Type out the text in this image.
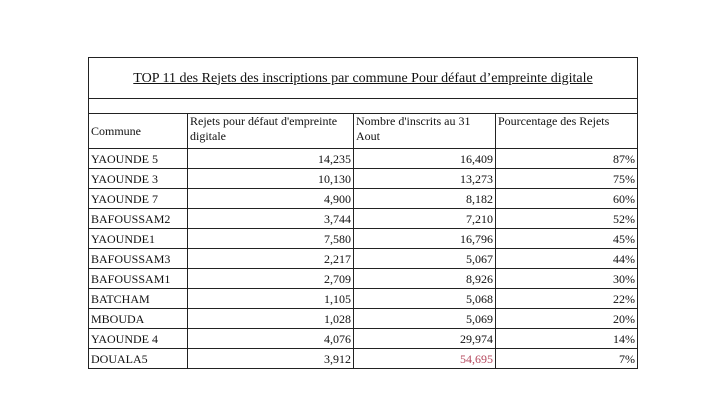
TOP 11 des Rejets des inscriptions par commune Pour défaut d’empreinte digitale			

Commune	Rejets pour défaut d'empreinte digitale	Nombre d'inscrits au 31 Aout	Pourcentage des Rejets
YAOUNDE 5	14,235	16,409	87%
YAOUNDE 3	10,130	13,273	75%
YAOUNDE 7	4,900	8,182	60%
BAFOUSSAM2	3,744	7,210	52%
YAOUNDE1	7,580	16,796	45%
BAFOUSSAM3	2,217	5,067	44%
BAFOUSSAM1	2,709	8,926	30%
BATCHAM	1,105	5,068	22%
MBOUDA	1,028	5,069	20%
YAOUNDE 4	4,076	29,974	14%
DOUALA5	3,912	54,695	7%
